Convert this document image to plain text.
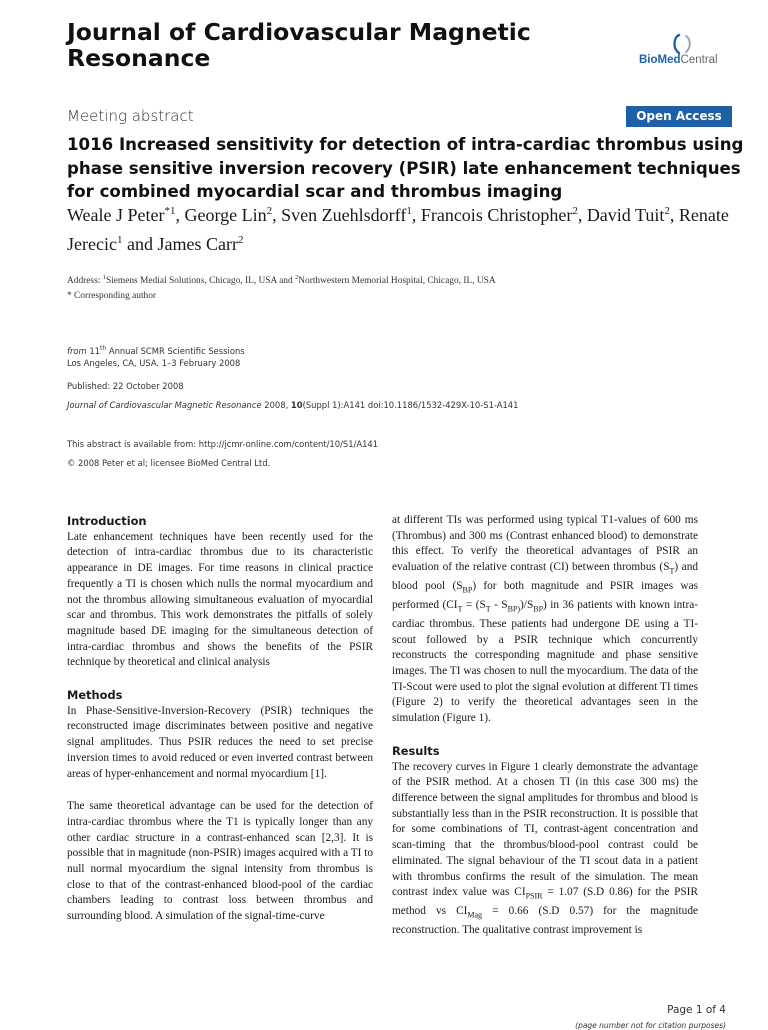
Journal of Cardiovascular Magnetic Resonance	BioMedCentral
Meeting abstract	Open Access
1016 Increased sensitivity for detection of intra-cardiac thrombus using phase sensitive inversion recovery (PSIR) late enhancement techniques for combined myocardial scar and thrombus imaging
Weale J Peter$^{*1}$, George Lin$^2$, Sven Zuehlsdorff$^1$, Francois Christopher$^2$, David Tuit$^2$, Renate Jerecic$^1$ and James Carr$^2$
Address: $^1$Siemens Medial Solutions, Chicago, IL, USA and $^2$Northwestern Memorial Hospital, Chicago, IL, USA
* Corresponding author
from 11th Annual SCMR Scientific Sessions
Los Angeles, CA, USA. 1–3 February 2008
Published: 22 October 2008
Journal of Cardiovascular Magnetic Resonance 2008, 10(Suppl 1):A141 doi:10.1186/1532-429X-10-S1-A141
This abstract is available from: http://jcmr-online.com/content/10/S1/A141
© 2008 Peter et al; licensee BioMed Central Ltd.
Introduction

Late enhancement techniques have been recently used for the detection of intra-cardiac thrombus due to its characteristic appearance in DE images. For time reasons in clinical practice frequently a TI is chosen which nulls the normal myocardium and not the thrombus allowing simultaneous evaluation of myocardial scar and thrombus. This work demonstrates the pitfalls of solely magnitude based DE imaging for the simultaneous detection of intra-cardiac thrombus and shows the benefits of the PSIR technique by theoretical and clinical analysis

Methods

In Phase-Sensitive-Inversion-Recovery (PSIR) techniques the reconstructed image discriminates between positive and negative signal amplitudes. Thus PSIR reduces the need to set precise inversion times to avoid reduced or even inverted contrast between areas of hyper-enhancement and normal myocardium [1].

The same theoretical advantage can be used for the detection of intra-cardiac thrombus where the T1 is typically longer than any other cardiac structure in a contrast-enhanced scan [2,3]. It is possible that in magnitude (non-PSIR) images acquired with a TI to null normal myocardium the signal intensity from thrombus is close to that of the contrast-enhanced blood-pool of the cardiac chambers leading to contrast loss between thrombus and surrounding blood. A simulation of the signal-time-curve

at different TIs was performed using typical T1-values of 600 ms (Thrombus) and 300 ms (Contrast enhanced blood) to demonstrate this effect. To verify the theoretical advantages of PSIR an evaluation of the relative contrast (CI) between thrombus $(S_T)$ and blood pool $(S_{BP})$ for both magnitude and PSIR images was performed $(CI_T = (S_T - S_{BP)})/S_{BP})$ in 36 patients with known intra-cardiac thrombus. These patients had undergone DE using a TI-scout followed by a PSIR technique which concurrently reconstructs the corresponding magnitude and phase sensitive images. The TI was chosen to null the myocardium. The data of the TI-Scout were used to plot the signal evolution at different TI times (Figure 2) to verify the theoretical advantages seen in the simulation (Figure 1).

Results

The recovery curves in Figure 1 clearly demonstrate the advantage of the PSIR method. At a chosen TI (in this case 300 ms) the difference between the signal amplitudes for thrombus and blood is substantially less than in the PSIR reconstruction. It is possible that for some combinations of TI, contrast-agent concentration and scan-timing that the thrombus/blood-pool contrast could be eliminated. The signal behaviour of the TI scout data in a patient with thrombus confirms the result of the simulation. The mean contrast index value was $CI_{PSIR} = 1.07$ (S.D 0.86) for the PSIR method vs $CI_{Mag} = 0.66$ (S.D 0.57) for the magnitude reconstruction. The qualitative contrast improvement is

Page 1 of 4
(page number not for citation purposes)
